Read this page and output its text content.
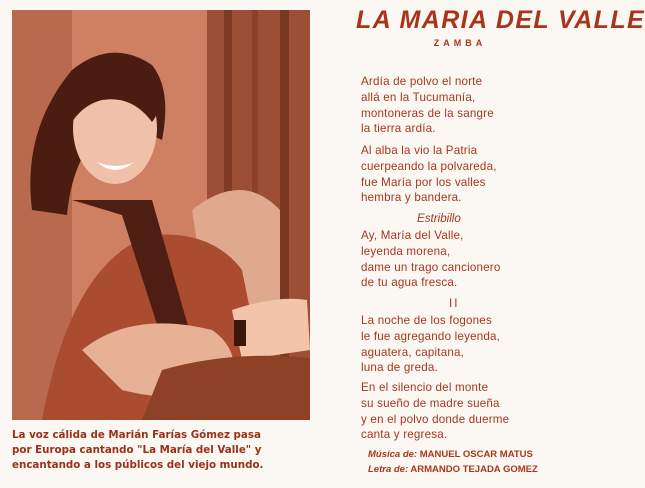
La voz cálida de Marián Farías Gómez pasa
por Europa cantando "La María del Valle" y
encantando a los públicos del viejo mundo.
LA MARIA DEL VALLE
ZAMBA
Ardía de polvo el norte
allá en la Tucumanía,
montoneras de la sangre
la tierra ardía.
Al alba la vio la Patria
cuerpeando la polvareda,
fue María por los valles
hembra y bandera.
Estribillo
Ay, María del Valle,
leyenda morena,
dame un trago cancionero
de tu agua fresca.
II
La noche de los fogones
le fue agregando leyenda,
aguatera, capitana,
luna de greda.
En el silencio del monte
su sueño de madre sueña
y en el polvo donde duerme
canta y regresa.
Música de: MANUEL OSCAR MATUS
Letra de: ARMANDO TEJADA GOMEZ
